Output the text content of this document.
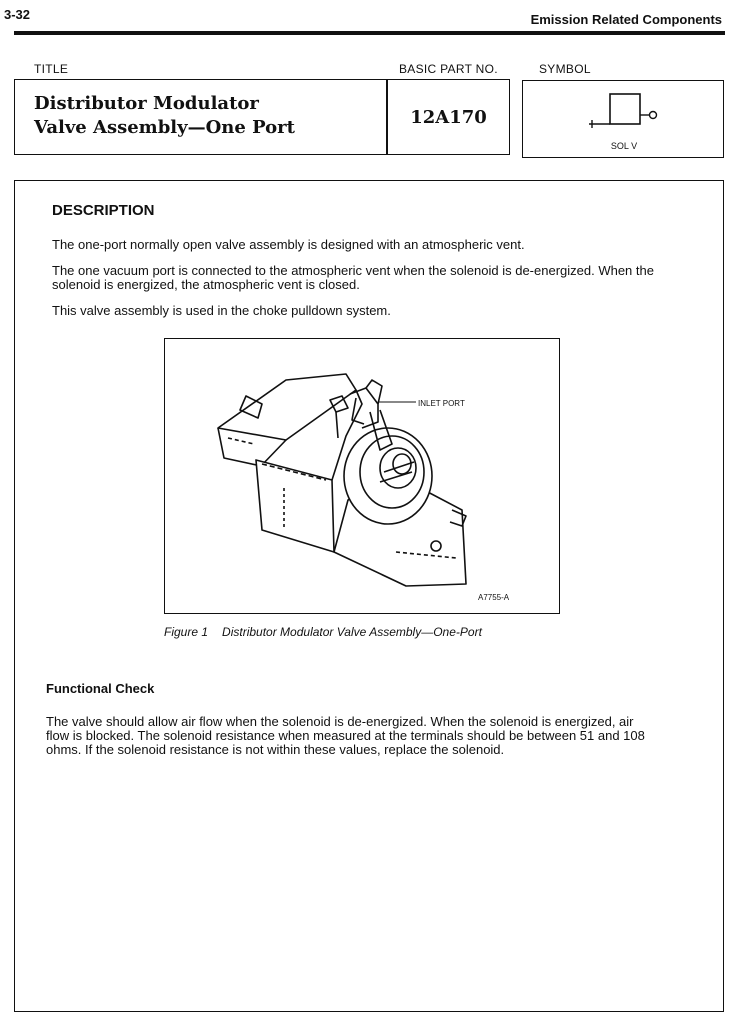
3-32	Emission Related Components
TITLE	BASIC PART NO.	SYMBOL
Distributor Modulator
Valve Assembly—One Port	12A170
SOL V
DESCRIPTION
The one-port normally open valve assembly is designed with an atmospheric vent.
The one vacuum port is connected to the atmospheric vent when the solenoid is de-energized. When the solenoid is energized, the atmospheric vent is closed.
This valve assembly is used in the choke pulldown system.
INLET PORT
A7755-A
Figure 1 Distributor Modulator Valve Assembly—One-Port
Functional Check
The valve should allow air flow when the solenoid is de-energized. When the solenoid is energized, air flow is blocked. The solenoid resistance when measured at the terminals should be between 51 and 108 ohms. If the solenoid resistance is not within these values, replace the solenoid.
